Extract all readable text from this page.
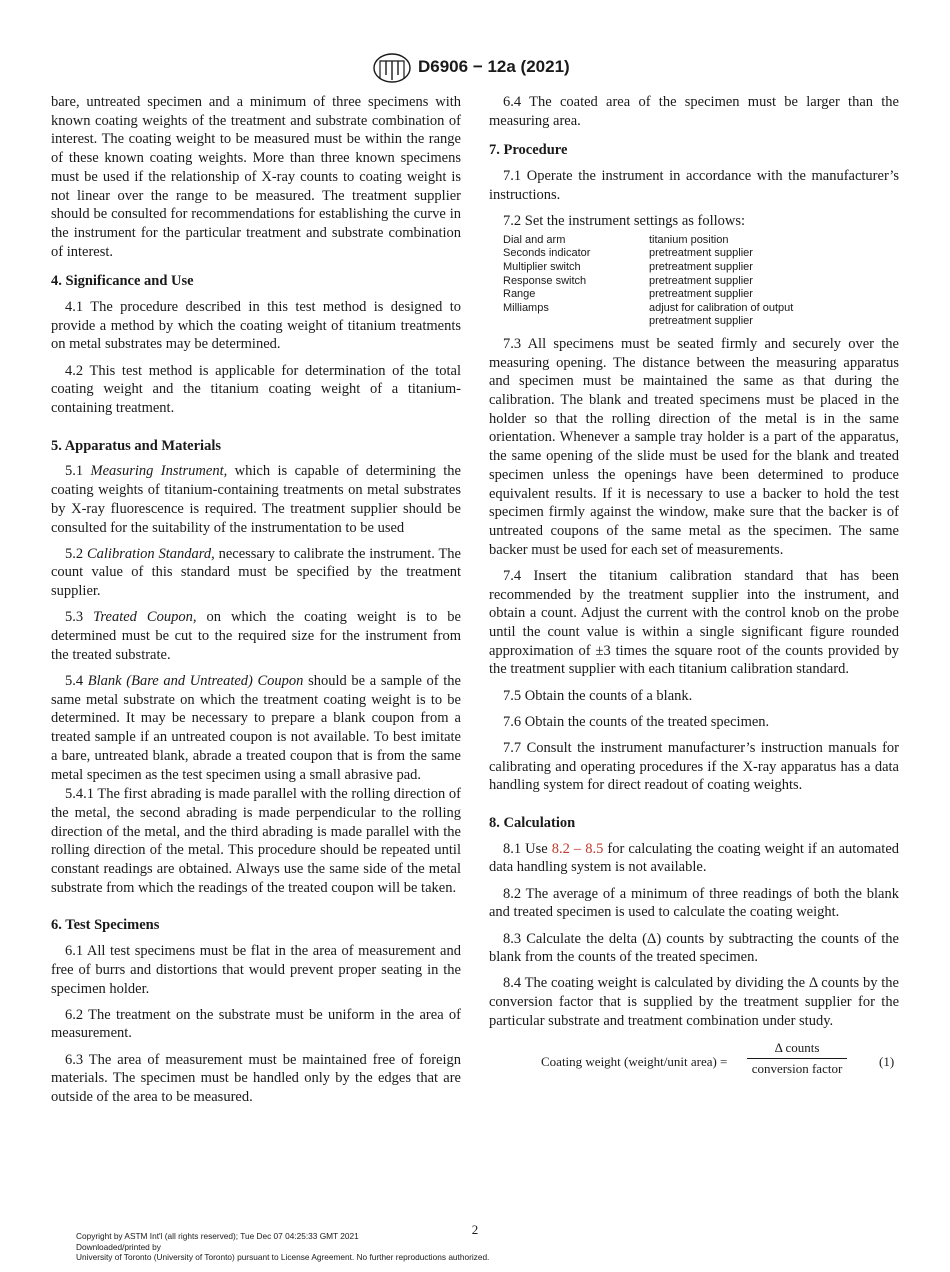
D6906 − 12a (2021)

bare, untreated specimen and a minimum of three specimens with known coating weights of the treatment and substrate combination of interest. The coating weight to be measured must be within the range of these known coating weights. More than three known specimens must be used if the relationship of X-ray counts to coating weight is not linear over the range to be measured. The treatment supplier should be consulted for recommendations for establishing the curve in the instrument for the particular treatment and substrate combination of interest.

4. Significance and Use

4.1 The procedure described in this test method is designed to provide a method by which the coating weight of titanium treatments on metal substrates may be determined.

4.2 This test method is applicable for determination of the total coating weight and the titanium coating weight of a titanium-containing treatment.

5. Apparatus and Materials

5.1 Measuring Instrument, which is capable of determining the coating weights of titanium-containing treatments on metal substrates by X-ray fluorescence is required. The treatment supplier should be consulted for the suitability of the instrumentation to be used

5.2 Calibration Standard, necessary to calibrate the instrument. The count value of this standard must be specified by the treatment supplier.

5.3 Treated Coupon, on which the coating weight is to be determined must be cut to the required size for the instrument from the treated substrate.

5.4 Blank (Bare and Untreated) Coupon should be a sample of the same metal substrate on which the treatment coating weight is to be determined. It may be necessary to prepare a blank coupon from a treated sample if an untreated coupon is not available. To best imitate a bare, untreated blank, abrade a treated coupon that is from the same metal specimen as the test specimen using a small abrasive pad.

5.4.1 The first abrading is made parallel with the rolling direction of the metal, the second abrading is made perpendicular to the rolling direction of the metal, and the third abrading is made parallel with the rolling direction of the metal. This procedure should be repeated until constant readings are obtained. Always use the same side of the metal substrate from which the readings of the treated coupon will be taken.

6. Test Specimens

6.1 All test specimens must be flat in the area of measurement and free of burrs and distortions that would prevent proper seating in the specimen holder.

6.2 The treatment on the substrate must be uniform in the area of measurement.

6.3 The area of measurement must be maintained free of foreign materials. The specimen must be handled only by the edges that are outside of the area to be measured.

6.4 The coated area of the specimen must be larger than the measuring area.

7. Procedure

7.1 Operate the instrument in accordance with the manufacturer’s instructions.

7.2 Set the instrument settings as follows:

Dial and arm	titanium position
Seconds indicator	pretreatment supplier
Multiplier switch	pretreatment supplier
Response switch	pretreatment supplier
Range	pretreatment supplier
Milliamps	adjust for calibration of output
	pretreatment supplier

7.3 All specimens must be seated firmly and securely over the measuring opening. The distance between the measuring apparatus and specimen must be maintained the same as that during the calibration. The blank and treated specimens must be placed in the holder so that the rolling direction of the metal is in the same orientation. Whenever a sample tray holder is a part of the apparatus, the same opening of the slide must be used for the blank and treated specimen unless the openings have been determined to produce equivalent results. If it is necessary to use a backer to hold the test specimen firmly against the window, make sure that the backer is of untreated coupons of the same metal as the specimen. The same backer must be used for each set of measurements.

7.4 Insert the titanium calibration standard that has been recommended by the treatment supplier into the instrument, and obtain a count. Adjust the current with the control knob on the probe until the count value is within a single significant figure rounded approximation of ±3 times the square root of the counts provided by the treatment supplier with each titanium calibration standard.

7.5 Obtain the counts of a blank.

7.6 Obtain the counts of the treated specimen.

7.7 Consult the instrument manufacturer’s instruction manuals for calibrating and operating procedures if the X-ray apparatus has a data handling system for direct readout of coating weights.

8. Calculation

8.1 Use 8.2 – 8.5 for calculating the coating weight if an automated data handling system is not available.

8.2 The average of a minimum of three readings of both the blank and treated specimen is used to calculate the coating weight.

8.3 Calculate the delta (Δ) counts by subtracting the counts of the blank from the counts of the treated specimen.

8.4 The coating weight is calculated by dividing the Δ counts by the conversion factor that is supplied by the treatment supplier for the particular substrate and treatment combination under study.

Coating weight (weight/unit area) =
Δ counts
conversion factor
(1)
2
Copyright by ASTM Int'l (all rights reserved); Tue Dec 07 04:25:33 GMT 2021
Downloaded/printed by
University of Toronto (University of Toronto) pursuant to License Agreement. No further reproductions authorized.
